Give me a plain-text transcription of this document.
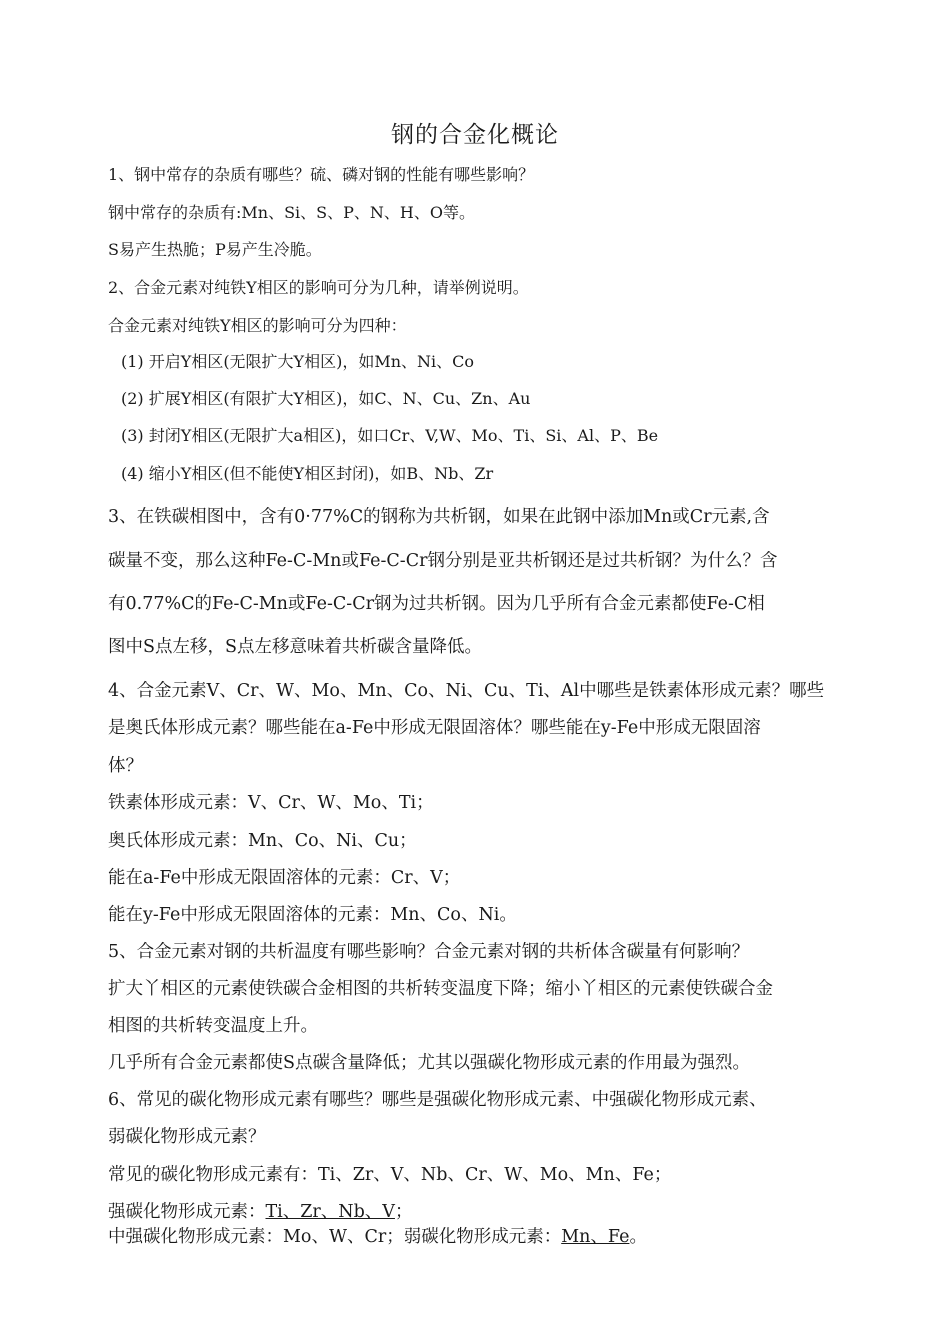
钢的合金化概论
1、钢中常存的杂质有哪些？硫、磷对钢的性能有哪些影响？
钢中常存的杂质有:Mn、Si、S、P、N、H、O等。
S易产生热脆；P易产生冷脆。
2、合金元素对纯铁Y相区的影响可分为几种，请举例说明。
合金元素对纯铁Y相区的影响可分为四种：
(1) 开启Y相区(无限扩大Y相区)，如Mn、Ni、Co
(2) 扩展Y相区(有限扩大Y相区)，如C、N、Cu、Zn、Au
(3) 封闭Y相区(无限扩大a相区)，如口Cr、V,W、Mo、Ti、Si、Al、P、Be
(4) 缩小Y相区(但不能使Y相区封闭)，如B、Nb、Zr
3、在铁碳相图中，含有0·77%C的钢称为共析钢，如果在此钢中添加Mn或Cr元素,含
碳量不变，那么这种Fe-C-Mn或Fe-C-Cr钢分别是亚共析钢还是过共析钢？为什么？含
有0.77%C的Fe-C-Mn或Fe-C-Cr钢为过共析钢。因为几乎所有合金元素都使Fe-C相
图中S点左移，S点左移意味着共析碳含量降低。
4、合金元素V、Cr、W、Mo、Mn、Co、Ni、Cu、Ti、Al中哪些是铁素体形成元素？哪些
是奥氏体形成元素？哪些能在a-Fe中形成无限固溶体？哪些能在y-Fe中形成无限固溶
体？
铁素体形成元素：V、Cr、W、Mo、Ti；
奥氏体形成元素：Mn、Co、Ni、Cu；
能在a-Fe中形成无限固溶体的元素：Cr、V；
能在y-Fe中形成无限固溶体的元素：Mn、Co、Ni。
5、合金元素对钢的共析温度有哪些影响？合金元素对钢的共析体含碳量有何影响？
扩大丫相区的元素使铁碳合金相图的共析转变温度下降；缩小丫相区的元素使铁碳合金
相图的共析转变温度上升。
几乎所有合金元素都使S点碳含量降低；尤其以强碳化物形成元素的作用最为强烈。
6、常见的碳化物形成元素有哪些？哪些是强碳化物形成元素、中强碳化物形成元素、
弱碳化物形成元素？
常见的碳化物形成元素有：Ti、Zr、V、Nb、Cr、W、Mo、Mn、Fe；
强碳化物形成元素：Ti、Zr、Nb、V；
中强碳化物形成元素：Mo、W、Cr；弱碳化物形成元素：Mn、Fe。
